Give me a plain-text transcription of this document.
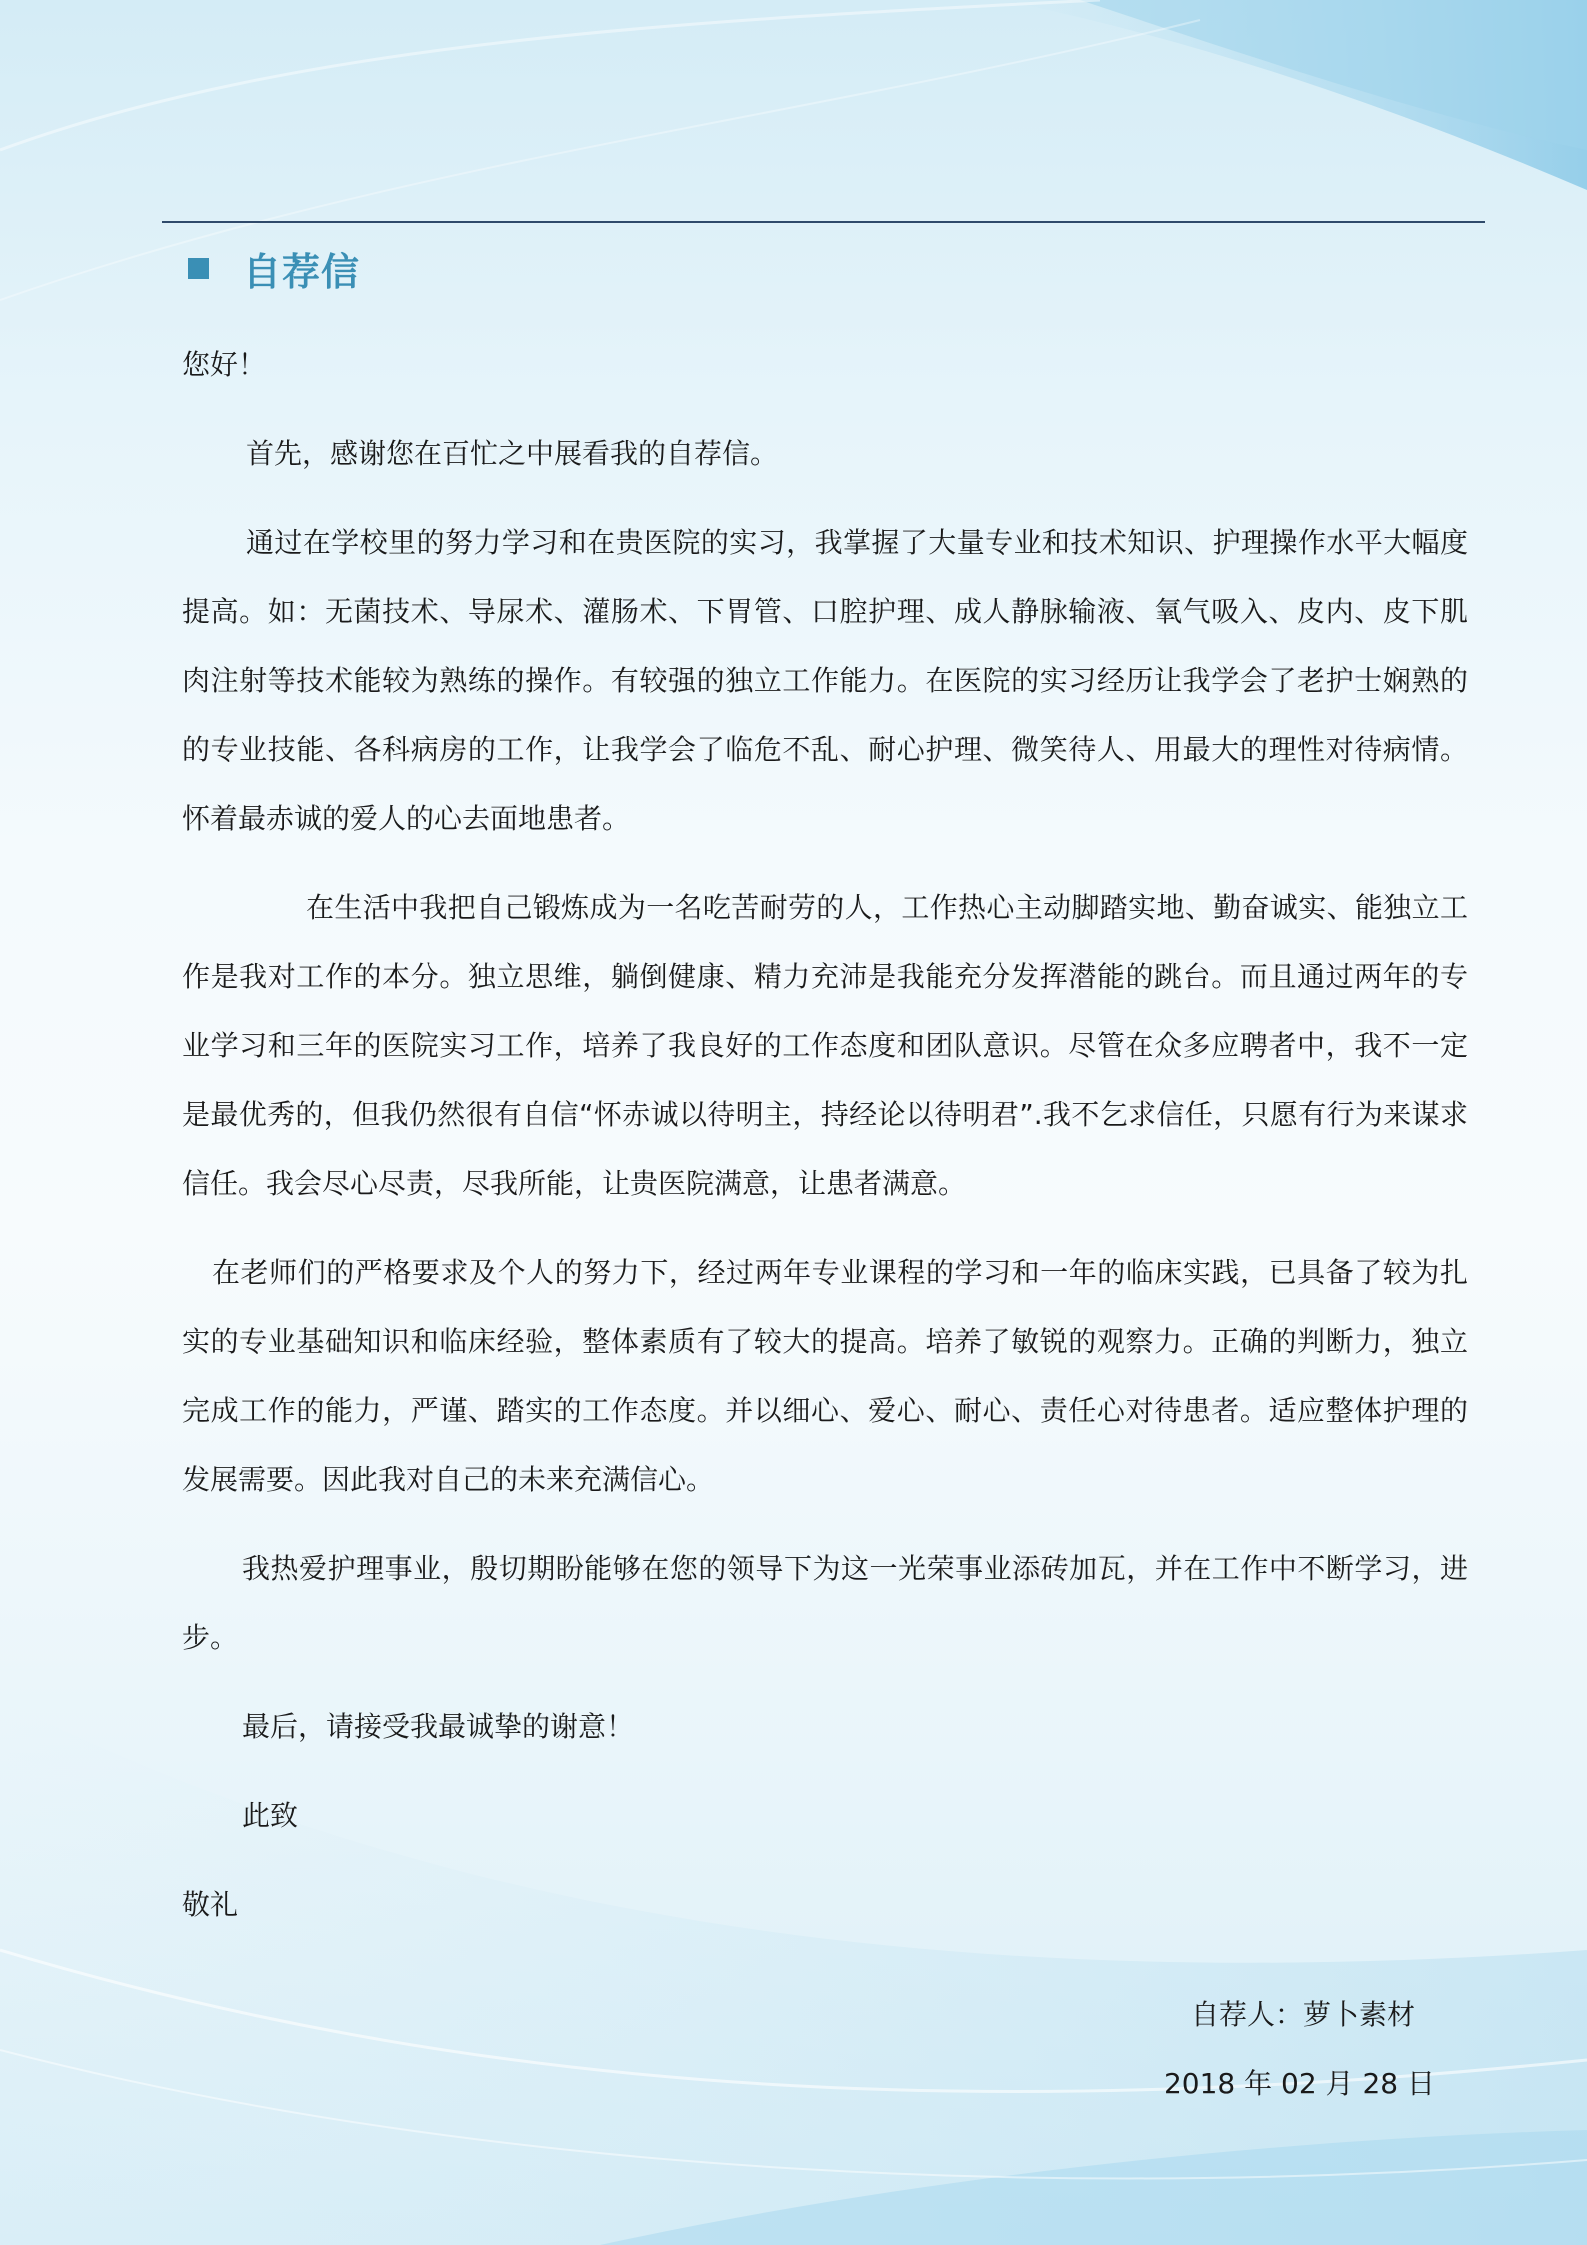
自荐信

您好！

首先，感谢您在百忙之中展看我的自荐信。

通过在学校里的努力学习和在贵医院的实习，我掌握了大量专业和技术知识、护理操作水平大幅度提高。如：无菌技术、导尿术、灌肠术、下胃管、口腔护理、成人静脉输液、氧气吸入、皮内、皮下肌肉注射等技术能较为熟练的操作。有较强的独立工作能力。在医院的实习经历让我学会了老护士娴熟的的专业技能、各科病房的工作，让我学会了临危不乱、耐心护理、微笑待人、用最大的理性对待病情。怀着最赤诚的爱人的心去面地患者。

在生活中我把自己锻炼成为一名吃苦耐劳的人，工作热心主动脚踏实地、勤奋诚实、能独立工作是我对工作的本分。独立思维，躺倒健康、精力充沛是我能充分发挥潜能的跳台。而且通过两年的专业学习和三年的医院实习工作，培养了我良好的工作态度和团队意识。尽管在众多应聘者中，我不一定是最优秀的，但我仍然很有自信“怀赤诚以待明主，持经论以待明君”.我不乞求信任，只愿有行为来谋求信任。我会尽心尽责，尽我所能，让贵医院满意，让患者满意。

在老师们的严格要求及个人的努力下，经过两年专业课程的学习和一年的临床实践，已具备了较为扎实的专业基础知识和临床经验，整体素质有了较大的提高。培养了敏锐的观察力。正确的判断力，独立完成工作的能力，严谨、踏实的工作态度。并以细心、爱心、耐心、责任心对待患者。适应整体护理的发展需要。因此我对自己的未来充满信心。

我热爱护理事业，殷切期盼能够在您的领导下为这一光荣事业添砖加瓦，并在工作中不断学习，进步。

最后，请接受我最诚挚的谢意！

此致

敬礼

自荐人：萝卜素材
2018 年 02 月 28 日
